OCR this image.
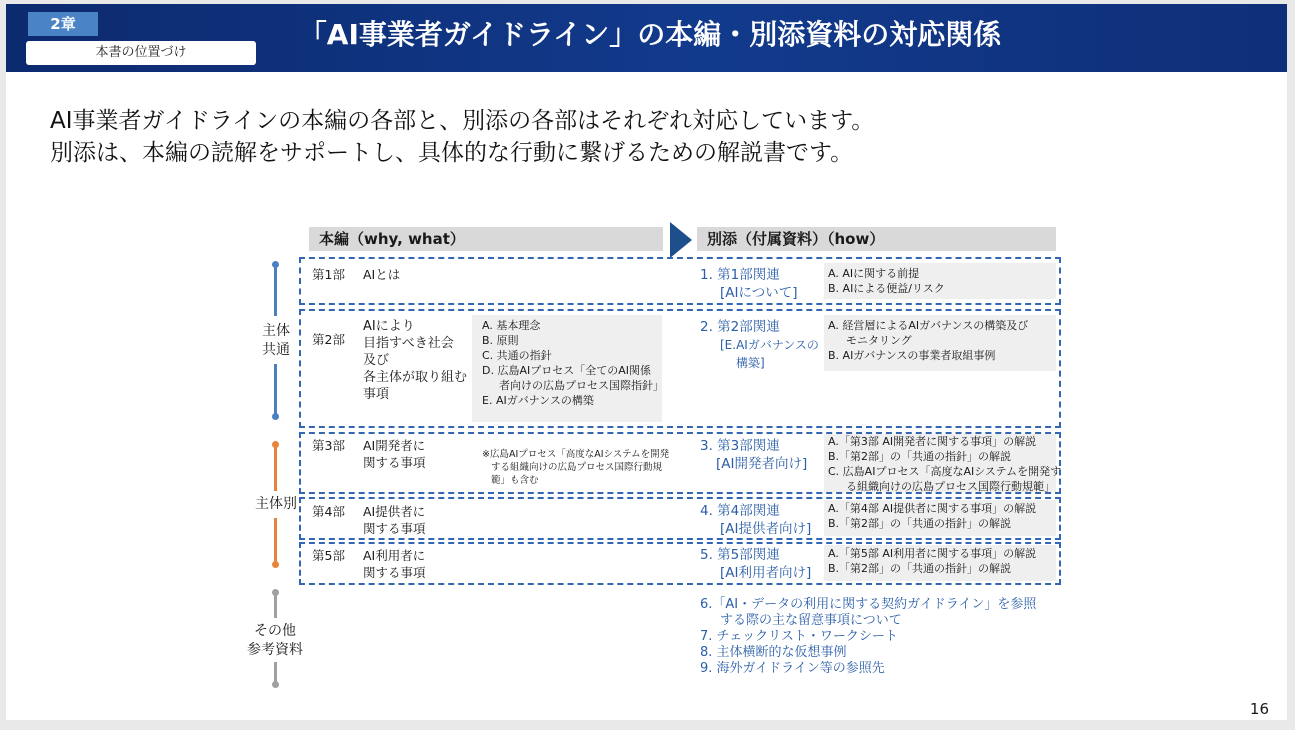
2章
本書の位置づけ
「AI事業者ガイドライン」の本編・別添資料の対応関係
AI事業者ガイドラインの本編の各部と、別添の各部はそれぞれ対応しています。
別添は、本編の読解をサポートし、具体的な行動に繋げるための解説書です。
本編（why, what）	別添（付属資料）（how）
主体
共通
主体別
その他
参考資料
第1部 AIとは	1. 第1部関連
[AIについて]
A. AIに関する前提
B. AIによる便益/リスク
第2部
AIにより
目指すべき社会
及び
各主体が取り組む
事項
A. 基本理念
B. 原則
C. 共通の指針
D. 広島AIプロセス「全てのAI関係
者向けの広島プロセス国際指針」
E. AIガバナンスの構築
2. 第2部関連
[E.AIガバナンスの
構築]
A. 経営層によるAIガバナンスの構築及び
モニタリング
B. AIガバナンスの事業者取組事例
第3部 AI開発者に
関する事項
※広島AIプロセス「高度なAIシステムを開発
する組織向けの広島プロセス国際行動規
範」も含む
3. 第3部関連
[AI開発者向け]
A.「第3部 AI開発者に関する事項」の解説
B.「第2部」の「共通の指針」の解説
C. 広島AIプロセス「高度なAIシステムを開発す
る組織向けの広島プロセス国際行動規範」
第4部 AI提供者に
関する事項
4. 第4部関連
[AI提供者向け]
A.「第4部 AI提供者に関する事項」の解説
B.「第2部」の「共通の指針」の解説
第5部 AI利用者に
関する事項
5. 第5部関連
[AI利用者向け]
A.「第5部 AI利用者に関する事項」の解説
B.「第2部」の「共通の指針」の解説
6.「AI・データの利用に関する契約ガイドライン」を参照
する際の主な留意事項について
7. チェックリスト・ワークシート
8. 主体横断的な仮想事例
9. 海外ガイドライン等の参照先
16
